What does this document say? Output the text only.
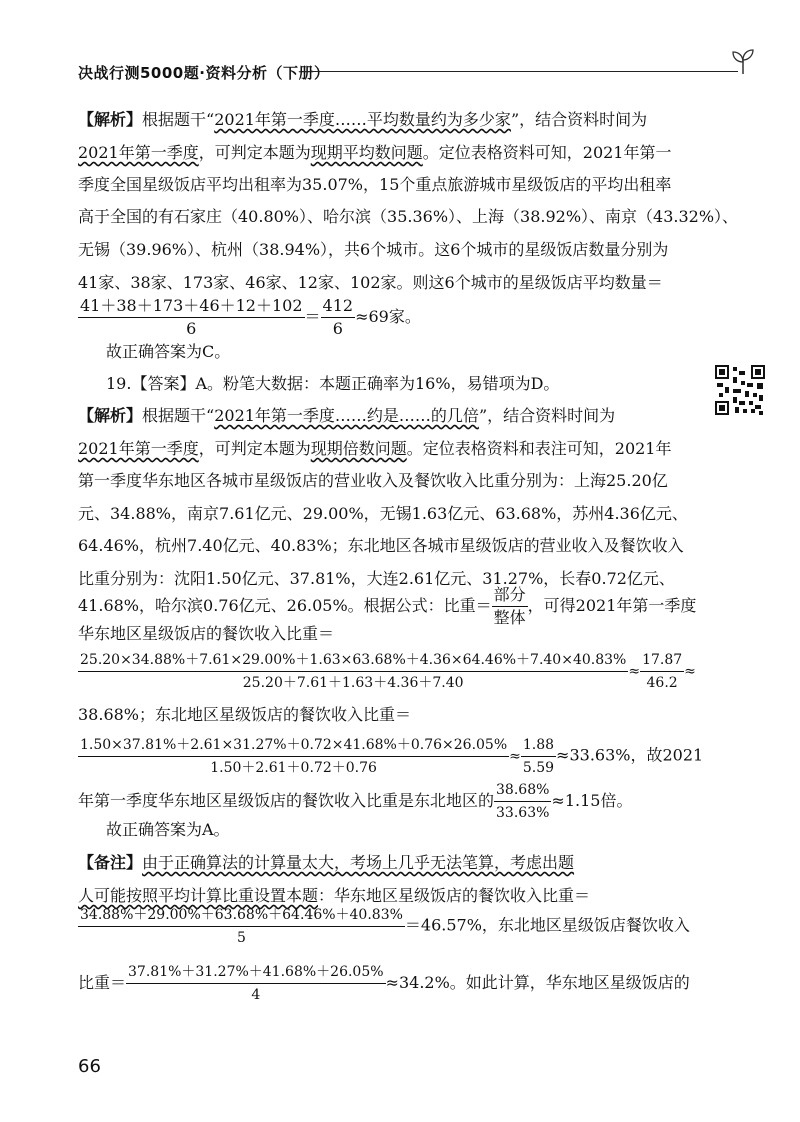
决战行测5000题·资料分析（下册）
【解析】根据题干“2021年第一季度……平均数量约为多少家”，结合资料时间为
2021年第一季度，可判定本题为现期平均数问题。定位表格资料可知，2021年第一
季度全国星级饭店平均出租率为35.07%，15个重点旅游城市星级饭店的平均出租率
高于全国的有石家庄（40.80%）、哈尔滨（35.36%）、上海（38.92%）、南京（43.32%）、
无锡（39.96%）、杭州（38.94%），共6个城市。这6个城市的星级饭店数量分别为
41家、38家、173家、46家、12家、102家。则这6个城市的星级饭店平均数量＝
$\frac{41+38+173+46+12+102}{6} = \frac{412}{6} \approx 69$家。
故正确答案为C。
19.【答案】A。粉笔大数据：本题正确率为16%，易错项为D。
【解析】根据题干“2021年第一季度……约是……的几倍”，结合资料时间为
2021年第一季度，可判定本题为现期倍数问题。定位表格资料和表注可知，2021年
第一季度华东地区各城市星级饭店的营业收入及餐饮收入比重分别为：上海25.20亿
元、34.88%，南京7.61亿元、29.00%，无锡1.63亿元、63.68%，苏州4.36亿元、
64.46%，杭州7.40亿元、40.83%；东北地区各城市星级饭店的营业收入及餐饮收入
比重分别为：沈阳1.50亿元、37.81%，大连2.61亿元、31.27%，长春0.72亿元、
41.68%，哈尔滨0.76亿元、26.05%。根据公式：比重＝ $\frac{\text{部分}}{\text{整体}}$ ，可得2021年第一季度
华东地区星级饭店的餐饮收入比重＝
$\frac{25.20\times 34.88\%+7.61\times 29.00\%+1.63\times 63.68\%+4.36\times 64.46\%+7.40\times 40.83\%}{25.20+7.61+1.63+4.36+7.40} \approx \frac{17.87}{46.2}$ ≈
38.68%；东北地区星级饭店的餐饮收入比重＝
$\frac{1.50\times 37.81\%+2.61\times 31.27\%+0.72\times 41.68\%+0.76\times 26.05\%}{1.50+2.61+0.72+0.76} \approx \frac{1.88}{5.59} \approx 33.63\%$，故2021
年第一季度华东地区星级饭店的餐饮收入比重是东北地区的 $\frac{38.68\%}{33.63\%} \approx 1.15$倍。
故正确答案为A。
【备注】由于正确算法的计算量太大，考场上几乎无法笔算，考虑出题
人可能按照平均计算比重设置本题：华东地区星级饭店的餐饮收入比重＝
$\frac{34.88\%+29.00\%+63.68\%+64.46\%+40.83\%}{5} =46.57\%$，东北地区星级饭店餐饮收入
比重＝ $\frac{37.81\%+31.27\%+41.68\%+26.05\%}{4} \approx 34.2\%$。如此计算，华东地区星级饭店的
66
